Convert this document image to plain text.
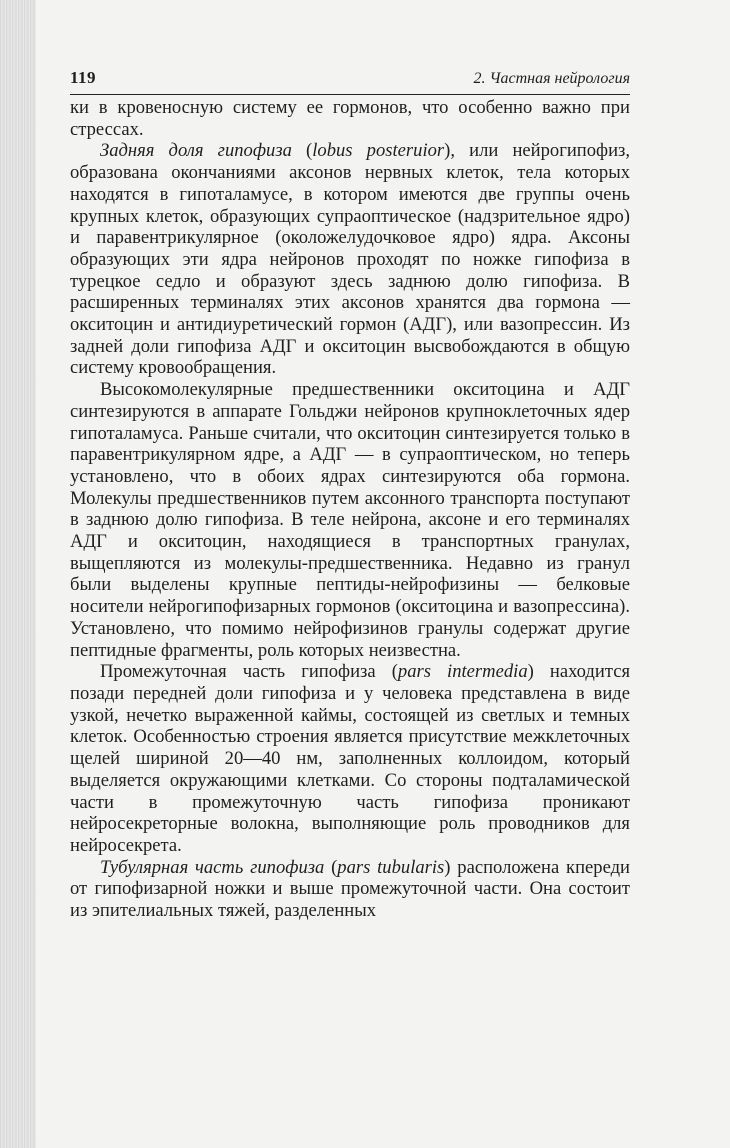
119	2. Частная нейрология

ки в кровеносную систему ее гормонов, что особенно важно при стрессах.

Задняя доля гипофиза (lobus posteruior), или нейрогипофиз, образована окончаниями аксонов нервных клеток, тела которых находятся в гипоталамусе, в котором имеются две группы очень крупных клеток, образующих супраоптическое (надзрительное ядро) и паравентрикулярное (околожелудочковое ядро) ядра. Аксоны образующих эти ядра нейронов проходят по ножке гипофиза в турецкое седло и образуют здесь заднюю долю гипофиза. В расширенных терминалях этих аксонов хранятся два гормона — окситоцин и антидиуретический гормон (АДГ), или вазопрессин. Из задней доли гипофиза АДГ и окситоцин высвобождаются в общую систему кровообращения.

Высокомолекулярные предшественники окситоцина и АДГ синтезируются в аппарате Гольджи нейронов крупноклеточных ядер гипоталамуса. Раньше считали, что окситоцин синтезируется только в паравентрикулярном ядре, а АДГ — в супраоптическом, но теперь установлено, что в обоих ядрах синтезируются оба гормона. Молекулы предшественников путем аксонного транспорта поступают в заднюю долю гипофиза. В теле нейрона, аксоне и его терминалях АДГ и окситоцин, находящиеся в транспортных гранулах, выщепляются из молекулы-предшественника. Недавно из гранул были выделены крупные пептиды-нейрофизины — белковые носители нейрогипофизарных гормонов (окситоцина и вазопрессина). Установлено, что помимо нейрофизинов гранулы содержат другие пептидные фрагменты, роль которых неизвестна.

Промежуточная часть гипофиза (pars intermedia) находится позади передней доли гипофиза и у человека представлена в виде узкой, нечетко выраженной каймы, состоящей из светлых и темных клеток. Особенностью строения является присутствие межклеточных щелей шириной 20—40 нм, заполненных коллоидом, который выделяется окружающими клетками. Со стороны подталамической части в промежуточную часть гипофиза проникают нейросекреторные волокна, выполняющие роль проводников для нейросекрета.

Тубулярная часть гипофиза (pars tubularis) расположена кпереди от гипофизарной ножки и выше промежуточной части. Она состоит из эпителиальных тяжей, разделенных
